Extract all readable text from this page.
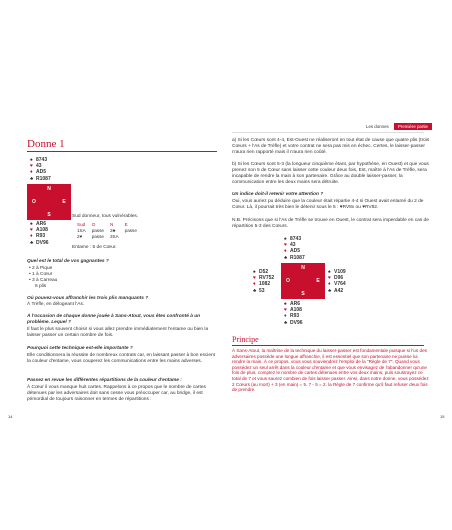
Donne 1
♠8743
♥43
♦AD5
♣R1087
N
O	E
S
♠AR6
♥A108
♦R93
♣DV96
Sud donneur, tous vulnérables.
Sud	O	N	E
1SA	passe	2♣	passe
2♥	passe	3SA	
Entame : 5 de Cœur.
Quel est le total de vos gagnantes ?
• 2 à Pique
• 1 à Cœur
• 3 à Carreau
6 plis
Où pouvez-vous affranchir les trois plis manquants ?
À Trèfle, en délogeant l'As.
À l'occasion de chaque donne jouée à Sans-Atout, vous êtes confronté à un problème. Lequel ?
Il faut le plus souvent choisir si vous allez prendre immédiatement l'entame ou bien la laisser passer un certain nombre de fois.
Pourquoi cette technique est-elle importante ?
Elle conditionnera la réussite de nombreux contrats car, en laissant passer à bon escient la couleur d'entame, vous couperez les communications entre les mains adverses.
Passez en revue les différentes répartitions de la couleur d'entame :
À Cœur il vous manque huit cartes. Rappelons à ce propos que le nombre de cartes détenues par les adversaires doit sans cesse vous préoccuper car, au bridge, il est primordial de toujours raisonner en termes de répartitions :
14
Les donnes Première partie
a) Si les Cœurs sont 4-4, Est-Ouest ne réaliseront en tout état de cause que quatre plis (trois Cœurs + l'As de Trèfle) et votre contrat ne sera pas mis en échec. Certes, le laisser-passer n'aura rien rapporté mais il n'aura rien coûté.
b) Si les Cœurs sont 5-3 (la longueur cinquième étant, par hypothèse, en Ouest) et que vous prenez son 5 de Cœur sans laisser cette couleur deux fois, Est, maître à l'As de Trèfle, sera incapable de rendre la main à son partenaire. Grâce au double laisser-passer, la communication entre les deux mains sera détruite.
Un indice doit-il retenir votre attention ?
Oui, vous auriez pu déduire que la couleur était répartie 4-4 si Ouest avait entamé du 2 de Cœur. Là, il pourrait très bien le détenir sous le 5 : ♥RV8x ou ♥RV82.
N.B. Précisons que si l'As de Trèfle se trouve en Ouest, le contrat sera imperdable en cas de répartition 5-3 des Cœurs.
♠8743
♥43
♦AD5
♣R1087
N
O	E
S
♠D52
♥RV752
♦1082
♣53
♠V109
♥D96
♦V764
♣A42
♠AR6
♥A108
♦R93
♣DV96
Principe
À Sans-Atout, la maîtrise de la technique du laisser-passer est fondamentale puisque si l'un des adversaires possède une longue affranchie, il est essentiel que son partenaire ne puisse lui rendre la main. À ce propos, vous vous souviendrez l'emploi de la "Règle de 7". Quand vous possédez un seul arrêt dans la couleur d'entame et que vous envisagez de l'abandonner qu'une fois de plus, comptez le nombre de cartes détenues entre vos deux mains, puis soustrayez ce total de 7 et vous saurez combien de fois laisser passer. Ainsi, dans notre donne, vous possédez 2 Cœurs (au mort) + 3 (en main) = 5. 7 - 5 = 2. la Règle de 7 confirme qu'il faut refuser deux fois de prendre.
15
